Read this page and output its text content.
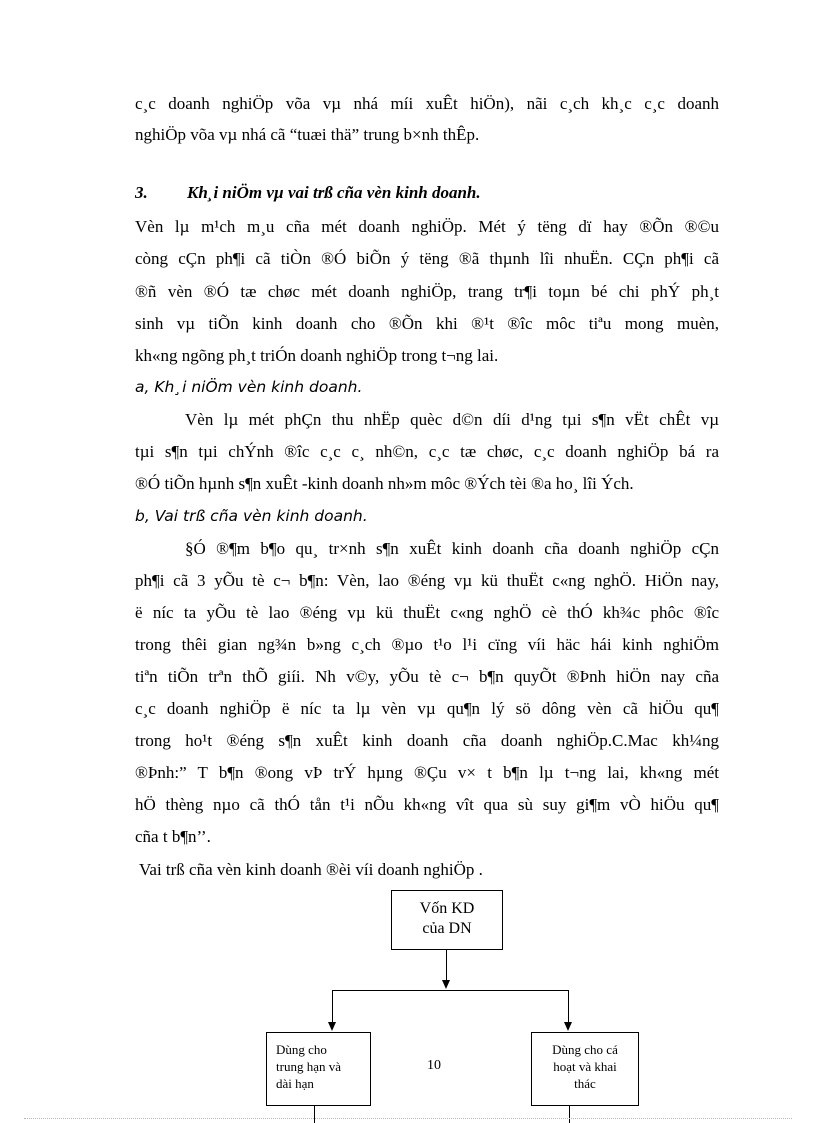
c¸c doanh nghiÖp võa vµ nhá míi xuÊt hiÖn), nãi c¸ch kh¸c c¸c doanh
nghiÖp võa vµ nhá cã “tuæi thä” trung b×nh thÊp.
3. Kh¸i niÖm vµ vai trß cña vèn kinh doanh.
Vèn lµ m¹ch m¸u cña mét doanh nghiÖp. Mét ý tëng dï hay ®Õn ®©u
còng cÇn ph¶i cã tiÒn ®Ó biÕn ý tëng ®ã thµnh lîi nhuËn. CÇn ph¶i cã
®ñ vèn ®Ó tæ chøc mét doanh nghiÖp, trang tr¶i toµn bé chi phÝ ph¸t
sinh vµ tiÕn kinh doanh cho ®Õn khi ®¹t ®îc môc tiªu mong muèn,
kh«ng ngõng ph¸t triÓn doanh nghiÖp trong t¬ng lai.
a, Kh¸i niÖm vèn kinh doanh.
Vèn lµ mét phÇn thu nhËp quèc d©n díi d¹ng tµi s¶n vËt chÊt vµ
tµi s¶n tµi chÝnh ®îc c¸c c¸ nh©n, c¸c tæ chøc, c¸c doanh nghiÖp bá ra
®Ó tiÕn hµnh s¶n xuÊt -kinh doanh nh»m môc ®Ých tèi ®a ho¸ lîi Ých.
b, Vai trß cña vèn kinh doanh.
§Ó ®¶m b¶o qu¸ tr×nh s¶n xuÊt kinh doanh cña doanh nghiÖp cÇn
ph¶i cã 3 yÕu tè c¬ b¶n: Vèn, lao ®éng vµ kü thuËt c«ng nghÖ. HiÖn nay,
ë níc ta yÕu tè lao ®éng vµ kü thuËt c«ng nghÖ cè thÓ kh¾c phôc ®îc
trong thêi gian ng¾n b»ng c¸ch ®µo t¹o l¹i cïng víi häc hái kinh nghiÖm
tiªn tiÕn trªn thÕ giíi. Nh v©y, yÕu tè c¬ b¶n quyÕt ®Þnh hiÖn nay cña
c¸c doanh nghiÖp ë níc ta lµ vèn vµ qu¶n lý sö dông vèn cã hiÖu qu¶
trong ho¹t ®éng s¶n xuÊt kinh doanh cña doanh nghiÖp.C.Mac kh¼ng
®Þnh:” T b¶n ®ong vÞ trÝ hµng ®Çu v× t b¶n lµ t¬ng lai, kh«ng mét
hÖ thèng nµo cã thÓ tån t¹i nÕu kh«ng vît qua sù suy gi¶m vÒ hiÖu qu¶
cña t b¶n’’.
Vai trß cña vèn kinh doanh ®èi víi doanh nghiÖp .
Vốn KD
của DN
Dùng cho
trung hạn và
dài hạn
Dùng cho cá
hoạt và khai
thác
10
